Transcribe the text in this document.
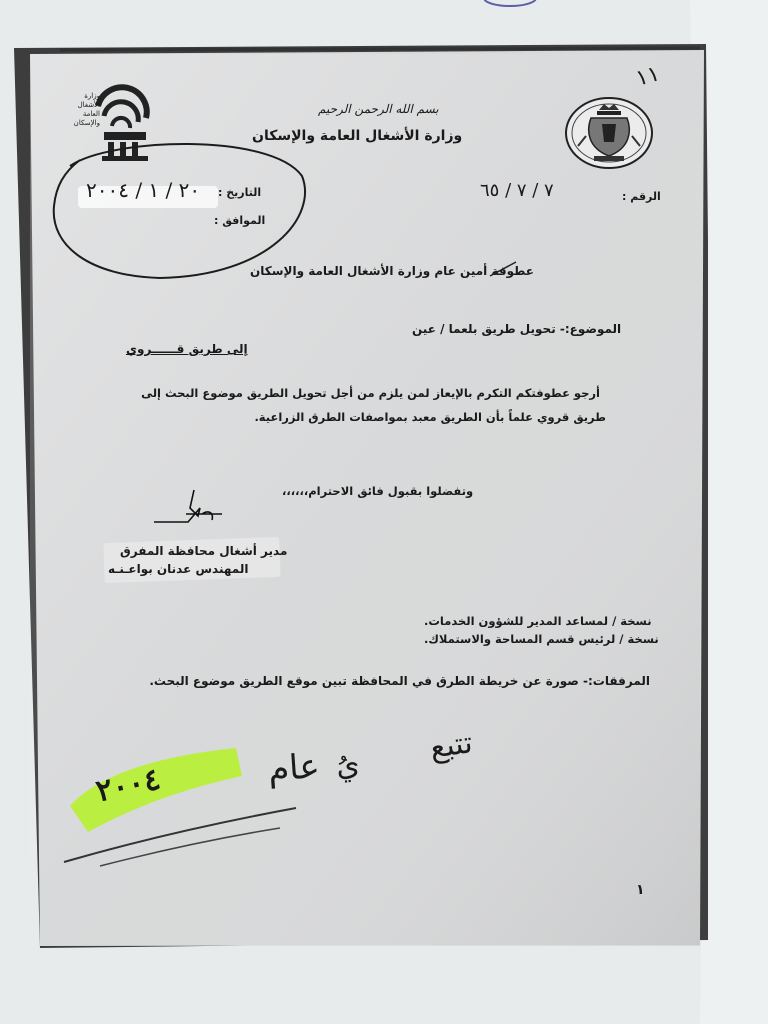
وزارة الأشغال العامة والإسكان
بسم الله الرحمن الرحيم
وزارة الأشغال العامة والإسكان
الرقم :
٧ / ٧ / ٦٥
التاريخ :
٢٠ / ١ / ٢٠٠٤
الموافق :
١١
عطوفة أمين عام وزارة الأشغال العامة والإسكان
الموضوع:- تحويل طريق بلعما / عين
إلى طريق قــــــروي
أرجو عطوفتكم التكرم بالإيعاز لمن يلزم من أجل تحويل الطريق موضوع البحث إلى
طريق قروي علماً بأن الطريق معبد بمواصفات الطرق الزراعية.
وتفضلوا بقبول فائق الاحترام،،،،،،
مدير أشغال محافظة المفرق
المهندس عدنان بواعـنـه
نسخة / لمساعد المدير للشؤون الخدمات.
نسخة / لرئيس قسم المساحة والاستملاك.
المرفقات:- صورة عن خريطة الطرق في المحافظة تبين موقع الطريق موضوع البحث.
تتبع
يُ
عام
٢٠٠٤
١
